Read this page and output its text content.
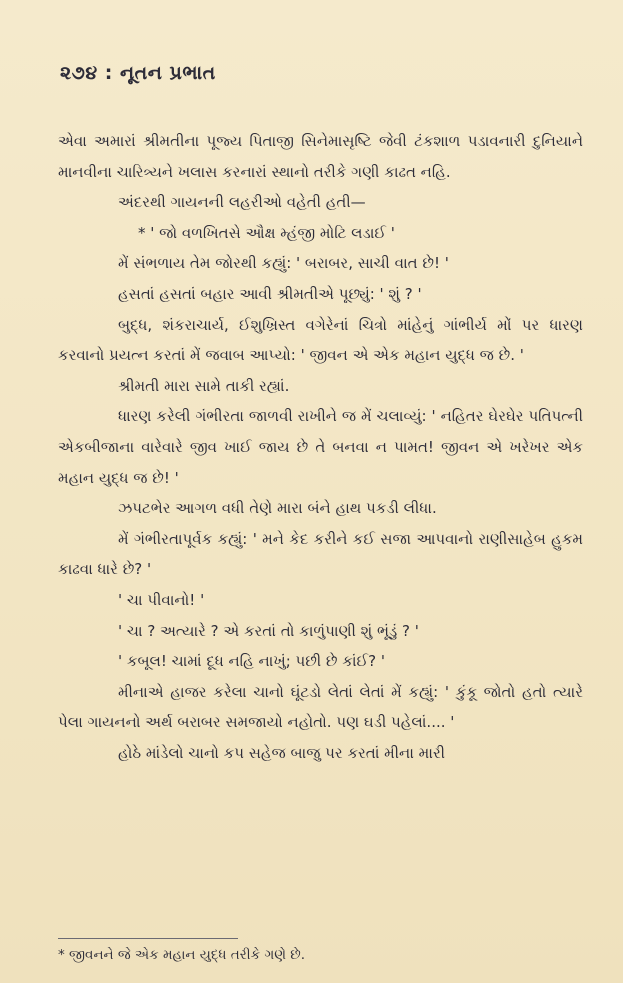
૨૭૪ : નૂતન પ્રભાત

એવા અમારાં શ્રીમતીના પૂજ્ય પિતાજી સિનેમાસૃષ્ટિ જેવી ટંકશાળ પડાવનારી દુનિયાને માનવીના ચારિત્ર્યને ખલાસ કરનારાં સ્થાનો તરીકે ગણી કાઢત નહિ.

અંદરથી ગાયનની લહરીઓ વહેતી હતી—

* ' જો વળખિતસે ઔક્ષ મ્હંજી મોટિ લડાઈ '

મેં સંભળાય તેમ જોરથી કહ્યું: ' બરાબર, સાચી વાત છે! '

હસતાં હસતાં બહાર આવી શ્રીમતીએ પૂછ્યું: ' શું ? '

બુદ્ધ, શંકરાચાર્ય, ઈશુખ્રિસ્ત વગેરેનાં ચિત્રો માંહેનું ગાંભીર્ય મોં પર ધારણ કરવાનો પ્રયત્ન કરતાં મેં જવાબ આપ્યો: ' જીવન એ એક મહાન યુદ્ધ જ છે. '

શ્રીમતી મારા સામે તાકી રહ્યાં.

ધારણ કરેલી ગંભીરતા જાળવી રાખીને જ મેં ચલાવ્યું: ' નહિતર ઘેરઘેર પતિપત્ની એકબીજાના વારેવારે જીવ ખાઈ જાય છે તે બનવા ન પામત! જીવન એ ખરેખર એક મહાન યુદ્ધ જ છે! '

ઝપટભેર આગળ વધી તેણે મારા બંને હાથ પકડી લીધા.

મેં ગંભીરતાપૂર્વક કહ્યું: ' મને કેદ કરીને કઈ સજા આપવાનો રાણીસાહેબ હુકમ કાઢવા ધારે છે? '

' ચા પીવાનો! '

' ચા ? અત્યારે ? એ કરતાં તો કાળુંપાણી શું ભૂંડું ? '

' કબૂલ! ચામાં દૂધ નહિ નાખું; પછી છે કાંઈ? '

મીનાએ હાજર કરેલા ચાનો ઘૂંટડો લેતાં લેતાં મેં કહ્યું: ' કુંકૂ જોતો હતો ત્યારે પેલા ગાયનનો અર્થ બરાબર સમજાયો નહોતો. પણ ઘડી પહેલાં.... '

હોઠે માંડેલો ચાનો કપ સહેજ બાજુ પર કરતાં મીના મારી

* જીવનને જે એક મહાન યુદ્ધ તરીકે ગણે છે.
